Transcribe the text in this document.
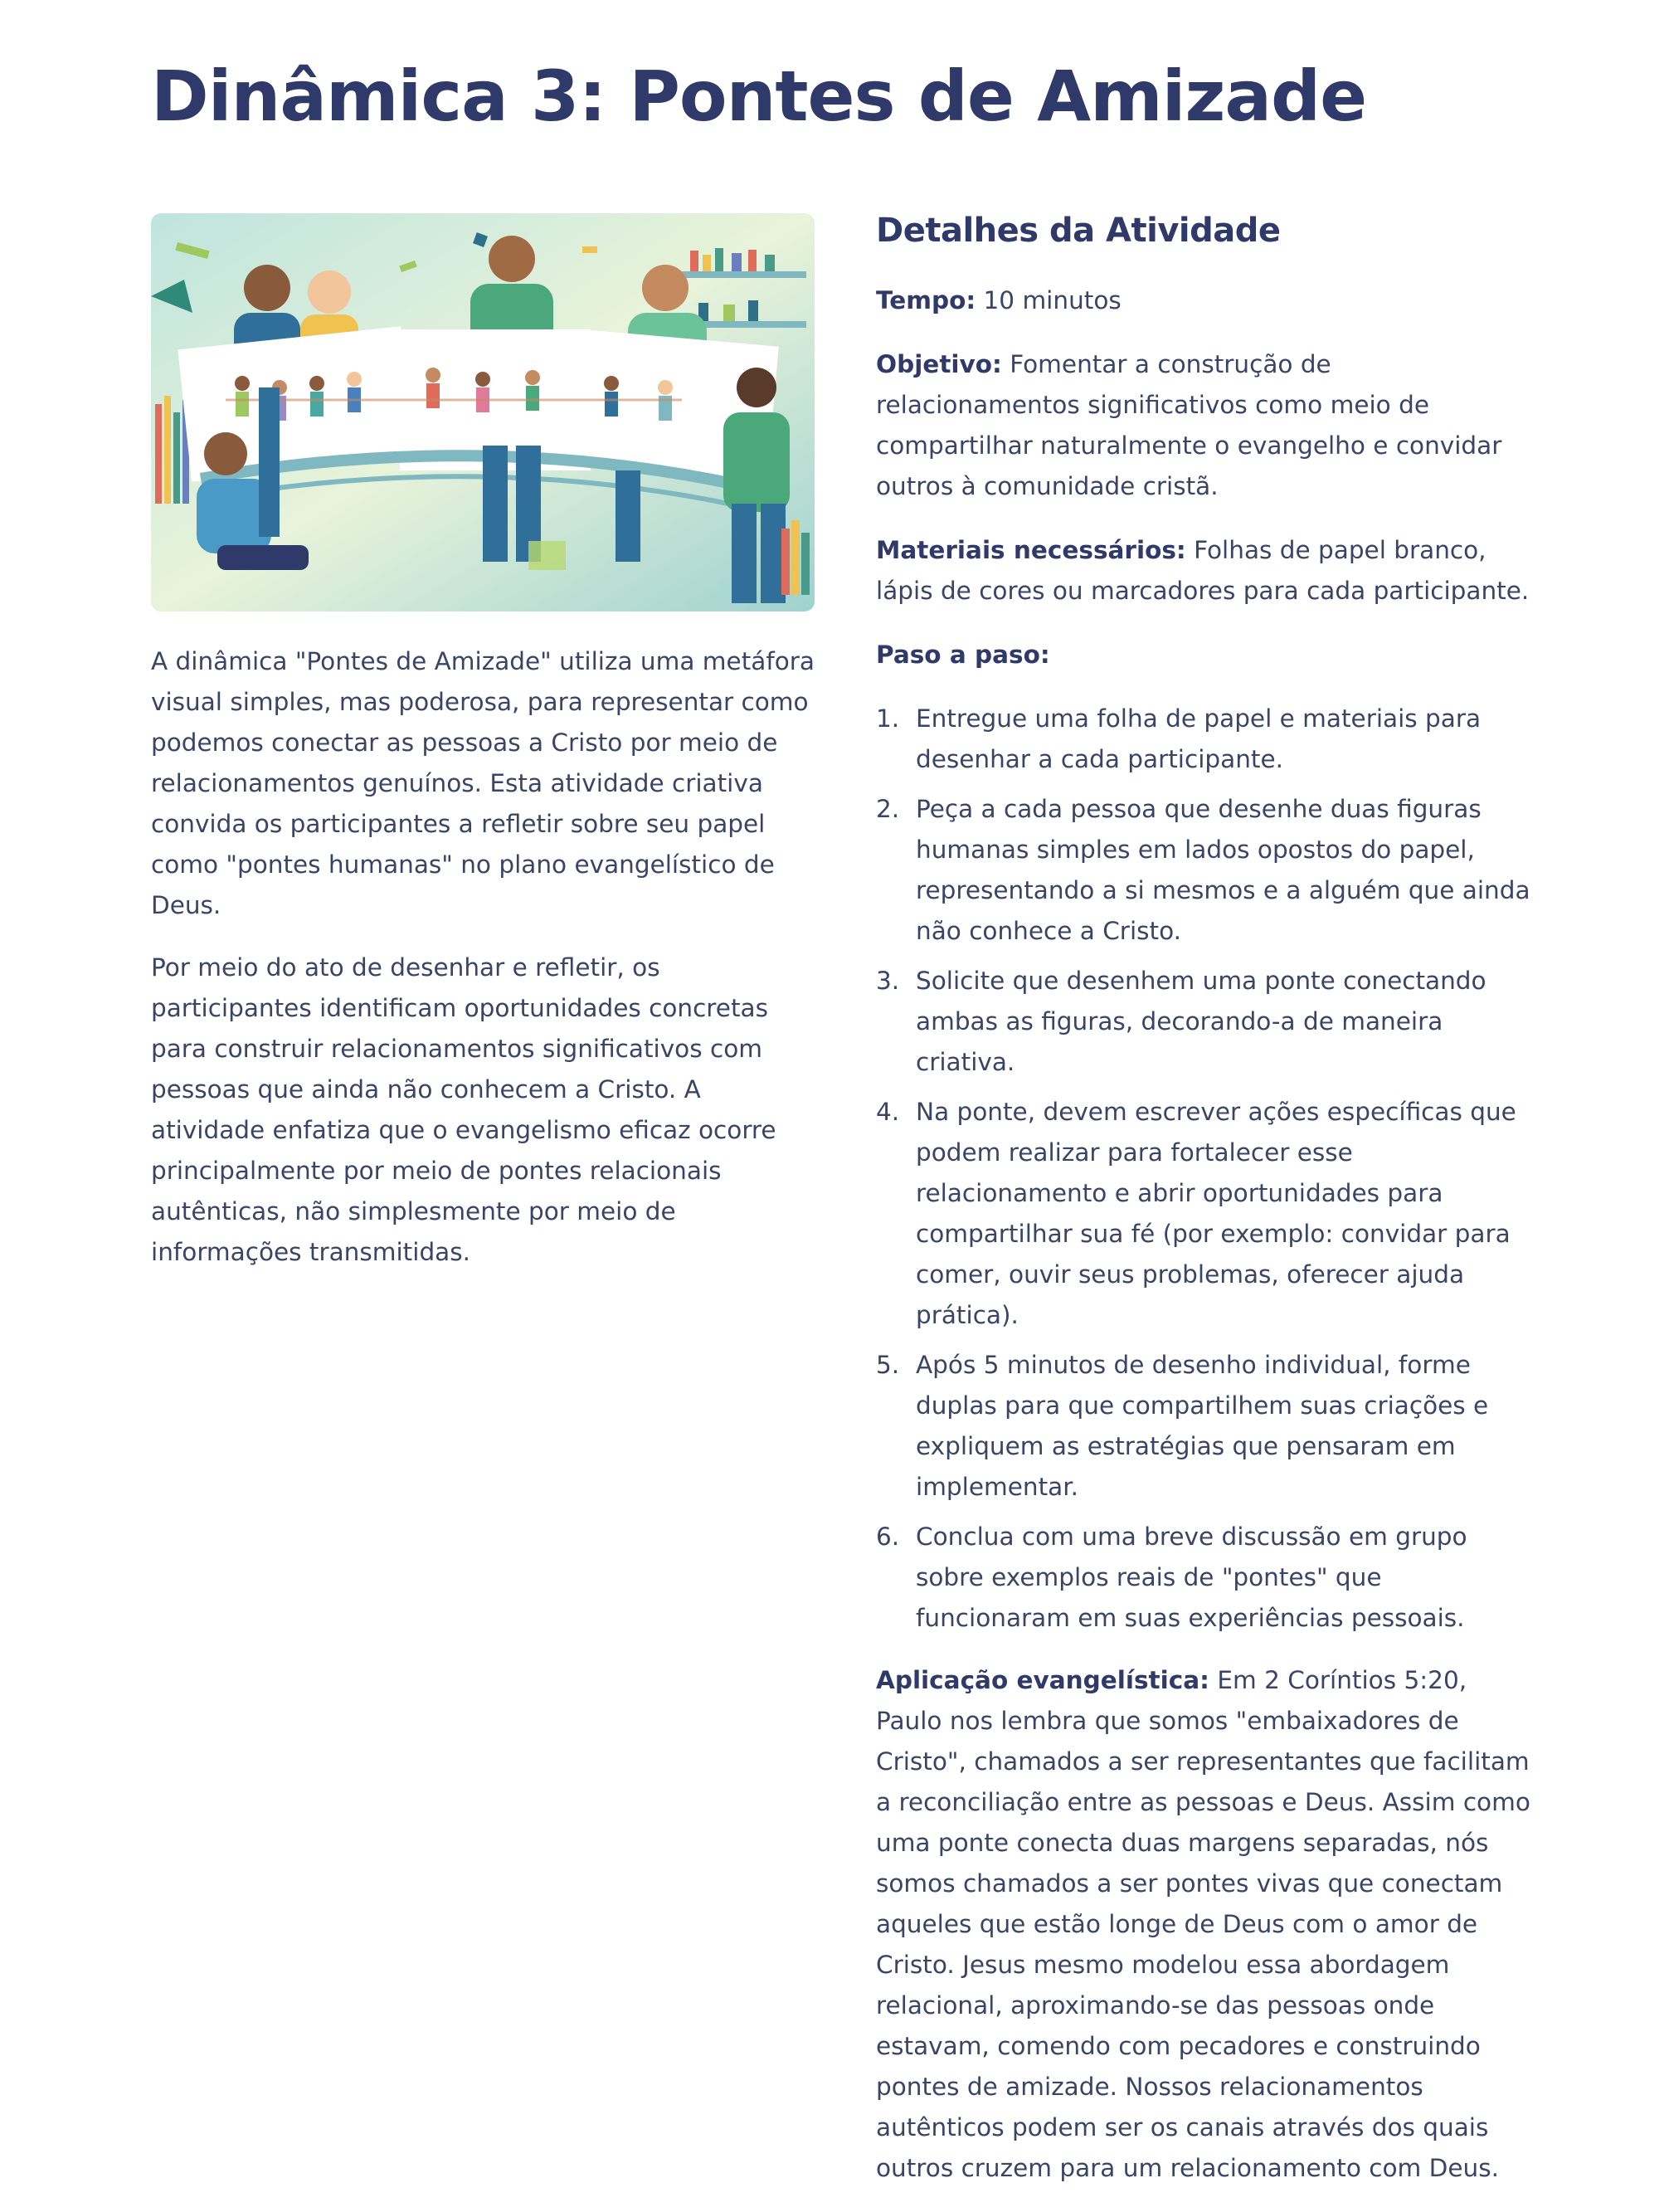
Dinâmica 3: Pontes de Amizade

A dinâmica "Pontes de Amizade" utiliza uma metáfora visual simples, mas poderosa, para representar como podemos conectar as pessoas a Cristo por meio de relacionamentos genuínos. Esta atividade criativa convida os participantes a refletir sobre seu papel como "pontes humanas" no plano evangelístico de Deus.

Por meio do ato de desenhar e refletir, os participantes identificam oportunidades concretas para construir relacionamentos significativos com pessoas que ainda não conhecem a Cristo. A atividade enfatiza que o evangelismo eficaz ocorre principalmente por meio de pontes relacionais autênticas, não simplesmente por meio de informações transmitidas.

Detalhes da Atividade

Tempo: 10 minutos

Objetivo: Fomentar a construção de relacionamentos significativos como meio de compartilhar naturalmente o evangelho e convidar outros à comunidade cristã.

Materiais necessários: Folhas de papel branco, lápis de cores ou marcadores para cada participante.

Paso a paso:

1. Entregue uma folha de papel e materiais para desenhar a cada participante.
2. Peça a cada pessoa que desenhe duas figuras humanas simples em lados opostos do papel, representando a si mesmos e a alguém que ainda não conhece a Cristo.
3. Solicite que desenhem uma ponte conectando ambas as figuras, decorando-a de maneira criativa.
4. Na ponte, devem escrever ações específicas que podem realizar para fortalecer esse relacionamento e abrir oportunidades para compartilhar sua fé (por exemplo: convidar para comer, ouvir seus problemas, oferecer ajuda prática).
5. Após 5 minutos de desenho individual, forme duplas para que compartilhem suas criações e expliquem as estratégias que pensaram em implementar.
6. Conclua com uma breve discussão em grupo sobre exemplos reais de "pontes" que funcionaram em suas experiências pessoais.

Aplicação evangelística: Em 2 Coríntios 5:20, Paulo nos lembra que somos "embaixadores de Cristo", chamados a ser representantes que facilitam a reconciliação entre as pessoas e Deus. Assim como uma ponte conecta duas margens separadas, nós somos chamados a ser pontes vivas que conectam aqueles que estão longe de Deus com o amor de Cristo. Jesus mesmo modelou essa abordagem relacional, aproximando-se das pessoas onde estavam, comendo com pecadores e construindo pontes de amizade. Nossos relacionamentos autênticos podem ser os canais através dos quais outros cruzem para um relacionamento com Deus.
